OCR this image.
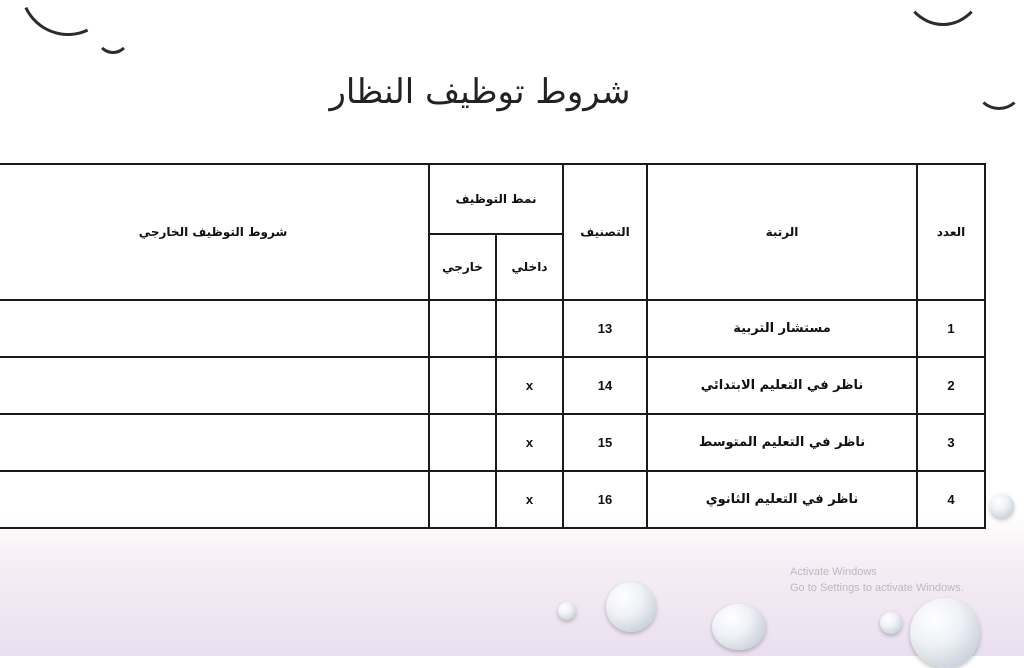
شروط توظيف النظار
العدد	الرتبة	التصنيف	نمط التوظيف		شروط التوظيف الخارجي
			داخلي	خارجي	
1	مستشار التربية	13			
2	ناظر في التعليم الابتدائي	14	x		
3	ناظر في التعليم المتوسط	15	x		
4	ناظر في التعليم الثانوي	16	x		
Activate Windows
Go to Settings to activate Windows.
